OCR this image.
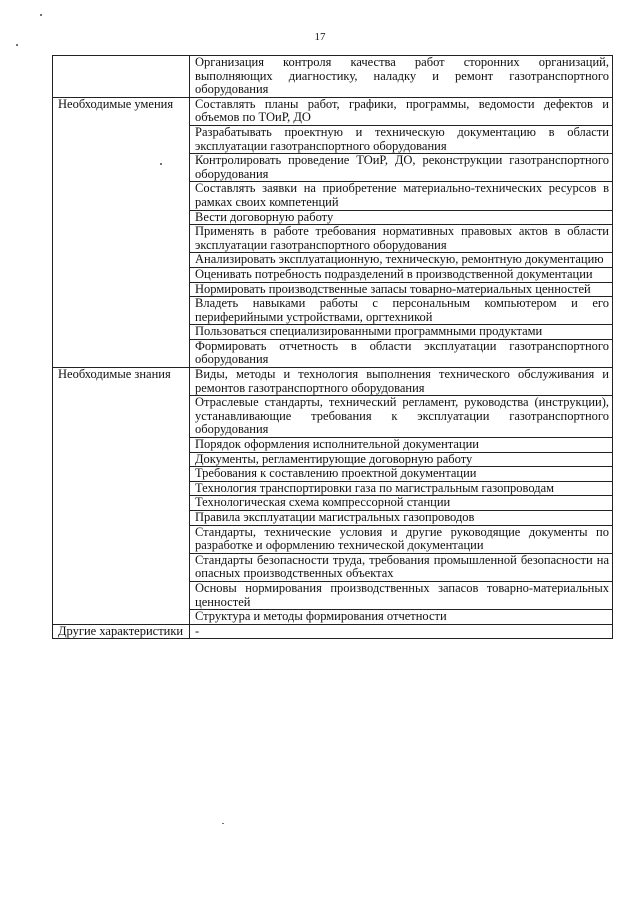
17
	Организация контроля качества работ сторонних организаций, выполняющих диагностику, наладку и ремонт газотранспортного оборудования
Необходимые умения	Составлять планы работ, графики, программы, ведомости дефектов и объемов по ТОиР, ДО
	Разрабатывать проектную и техническую документацию в области эксплуатации газотранспортного оборудования
	Контролировать проведение ТОиР, ДО, реконструкции газотранспортного оборудования
	Составлять заявки на приобретение материально-технических ресурсов в рамках своих компетенций
	Вести договорную работу
	Применять в работе требования нормативных правовых актов в области эксплуатации газотранспортного оборудования
	Анализировать эксплуатационную, техническую, ремонтную документацию
	Оценивать потребность подразделений в производственной документации
	Нормировать производственные запасы товарно-материальных ценностей
	Владеть навыками работы с персональным компьютером и его периферийными устройствами, оргтехникой
	Пользоваться специализированными программными продуктами
	Формировать отчетность в области эксплуатации газотранспортного оборудования
Необходимые знания	Виды, методы и технология выполнения технического обслуживания и ремонтов газотранспортного оборудования
	Отраслевые стандарты, технический регламент, руководства (инструкции), устанавливающие требования к эксплуатации газотранспортного оборудования
	Порядок оформления исполнительной документации
	Документы, регламентирующие договорную работу
	Требования к составлению проектной документации
	Технология транспортировки газа по магистральным газопроводам
	Технологическая схема компрессорной станции
	Правила эксплуатации магистральных газопроводов
	Стандарты, технические условия и другие руководящие документы по разработке и оформлению технической документации
	Стандарты безопасности труда, требования промышленной безопасности на опасных производственных объектах
	Основы нормирования производственных запасов товарно-материальных ценностей
	Структура и методы формирования отчетности
Другие характеристики	-
